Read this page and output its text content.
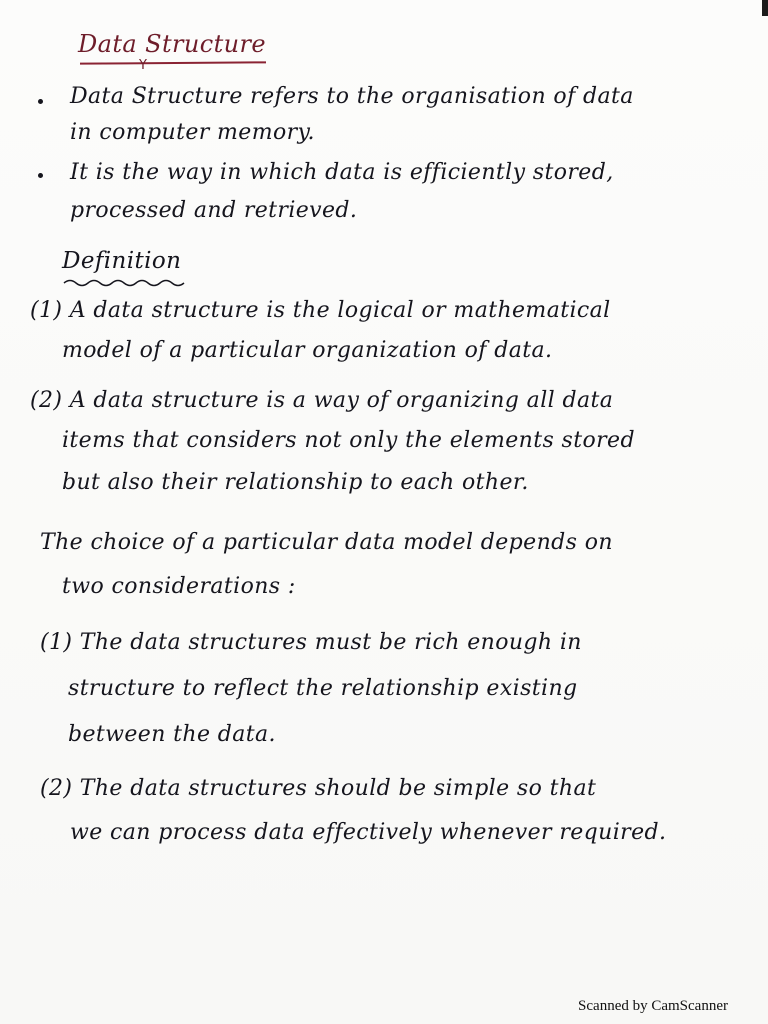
Data Structure
Y
Data Structure refers to the organisation of data
in computer memory.
It is the way in which data is efficiently stored,
processed and retrieved.
Definition
(1) A data structure is the logical or mathematical
model of a particular organization of data.
(2) A data structure is a way of organizing all data
items that considers not only the elements stored
but also their relationship to each other.
The choice of a particular data model depends on
two considerations :
(1) The data structures must be rich enough in
structure to reflect the relationship existing
between the data.
(2) The data structures should be simple so that
we can process data effectively whenever required.
Scanned by CamScanner
